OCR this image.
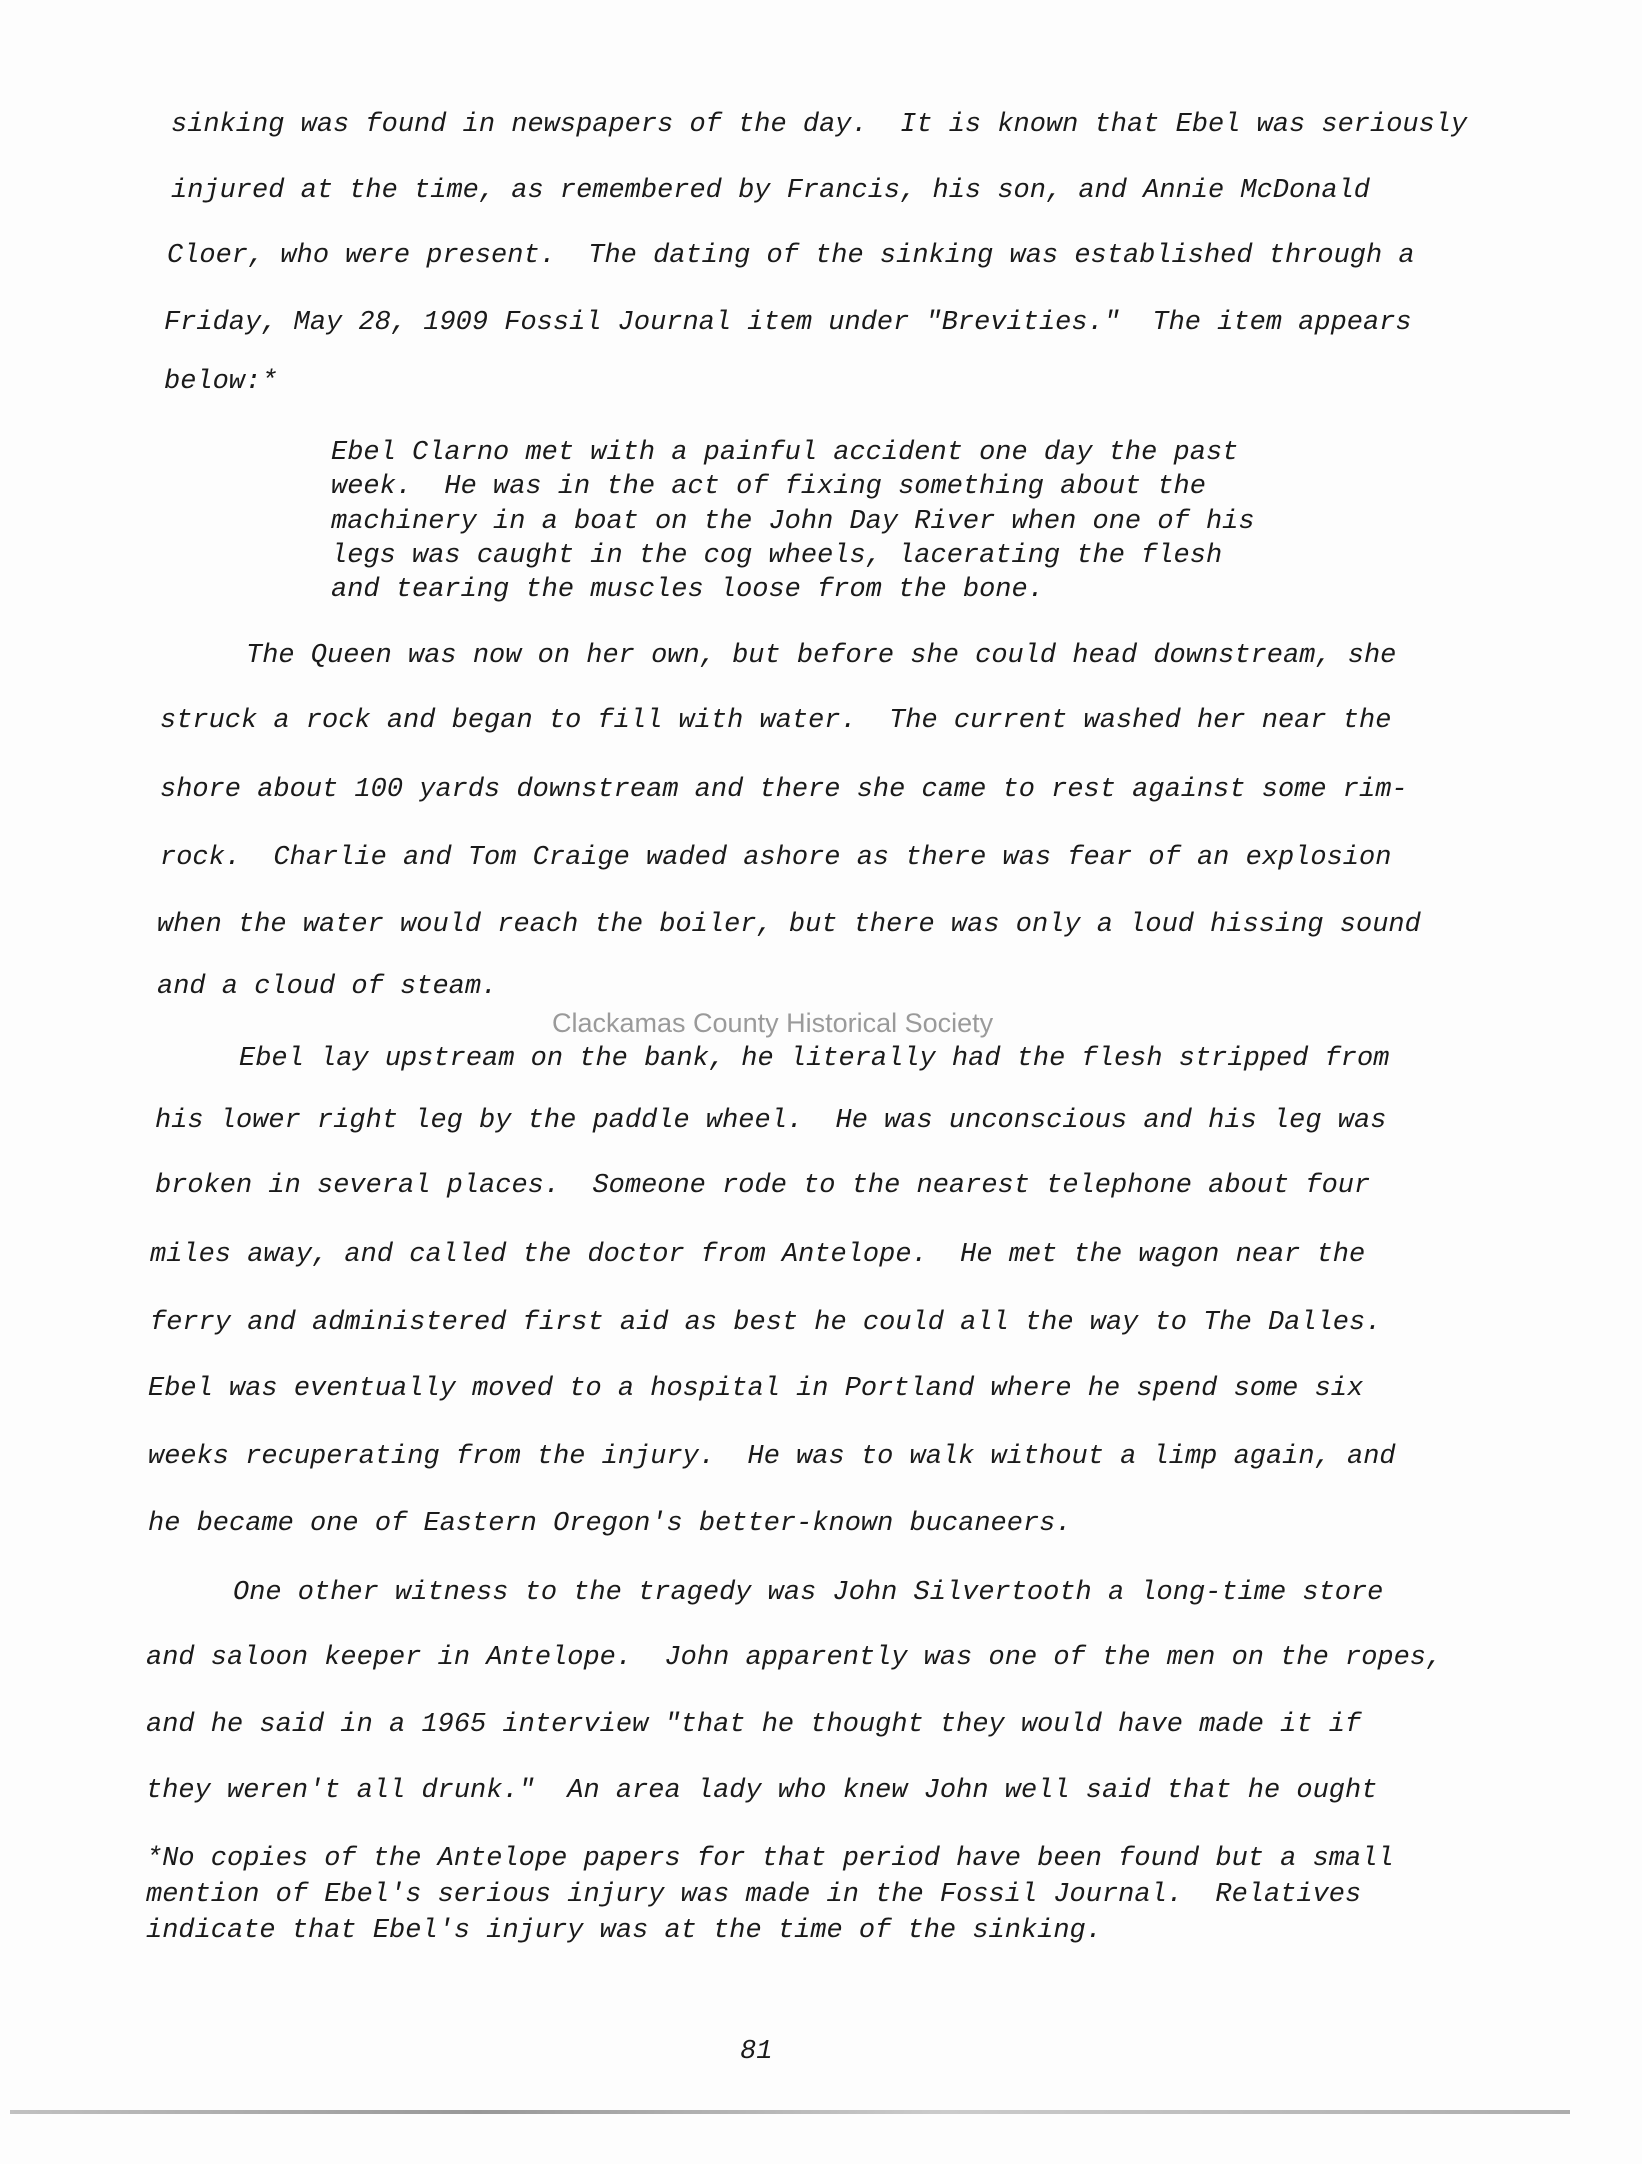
sinking was found in newspapers of the day.  It is known that Ebel was seriously
injured at the time, as remembered by Francis, his son, and Annie McDonald
Cloer, who were present.  The dating of the sinking was established through a
Friday, May 28, 1909 Fossil Journal item under "Brevities."  The item appears
below:*
Ebel Clarno met with a painful accident one day the past
week.  He was in the act of fixing something about the
machinery in a boat on the John Day River when one of his
legs was caught in the cog wheels, lacerating the flesh
and tearing the muscles loose from the bone.
The Queen was now on her own, but before she could head downstream, she
struck a rock and began to fill with water.  The current washed her near the
shore about 100 yards downstream and there she came to rest against some rim-
rock.  Charlie and Tom Craige waded ashore as there was fear of an explosion
when the water would reach the boiler, but there was only a loud hissing sound
and a cloud of steam.
Ebel lay upstream on the bank, he literally had the flesh stripped from
his lower right leg by the paddle wheel.  He was unconscious and his leg was
broken in several places.  Someone rode to the nearest telephone about four
miles away, and called the doctor from Antelope.  He met the wagon near the
ferry and administered first aid as best he could all the way to The Dalles.
Ebel was eventually moved to a hospital in Portland where he spend some six
weeks recuperating from the injury.  He was to walk without a limp again, and
he became one of Eastern Oregon's better-known bucaneers.
One other witness to the tragedy was John Silvertooth a long-time store
and saloon keeper in Antelope.  John apparently was one of the men on the ropes,
and he said in a 1965 interview "that he thought they would have made it if
they weren't all drunk."  An area lady who knew John well said that he ought
*No copies of the Antelope papers for that period have been found but a small
mention of Ebel's serious injury was made in the Fossil Journal.  Relatives
indicate that Ebel's injury was at the time of the sinking.
Clackamas County Historical Society
81
